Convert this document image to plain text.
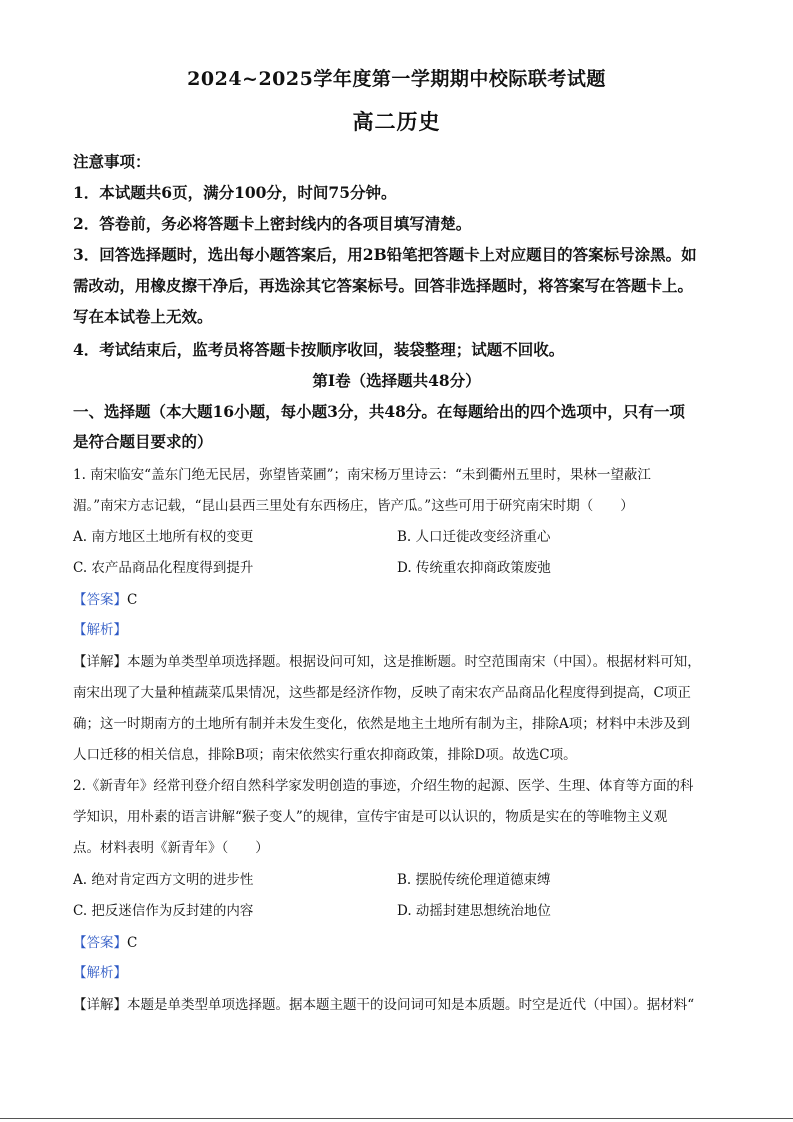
2024~2025学年度第一学期期中校际联考试题
高二历史
注意事项：
1．本试题共6页，满分100分，时间75分钟。
2．答卷前，务必将答题卡上密封线内的各项目填写清楚。
3．回答选择题时，选出每小题答案后，用2B铅笔把答题卡上对应题目的答案标号涂黑。如
需改动，用橡皮擦干净后，再选涂其它答案标号。回答非选择题时，将答案写在答题卡上。
写在本试卷上无效。
4．考试结束后，监考员将答题卡按顺序收回，装袋整理；试题不回收。
第Ⅰ卷（选择题共48分）
一、选择题（本大题16小题，每小题3分，共48分。在每题给出的四个选项中，只有一项
是符合题目要求的）
1. 南宋临安“盖东门绝无民居，弥望皆菜圃”；南宋杨万里诗云：“未到衢州五里时，果林一望蔽江
湄。”南宋方志记载，“昆山县西三里处有东西杨庄，皆产瓜。”这些可用于研究南宋时期（　　）
A. 南方地区土地所有权的变更	B. 人口迁徙改变经济重心
C. 农产品商品化程度得到提升	D. 传统重农抑商政策废弛
【答案】C
【解析】
【详解】本题为单类型单项选择题。根据设问可知，这是推断题。时空范围南宋（中国）。根据材料可知，
南宋出现了大量种植蔬菜瓜果情况，这些都是经济作物，反映了南宋农产品商品化程度得到提高，C项正
确；这一时期南方的土地所有制并未发生变化，依然是地主土地所有制为主，排除A项；材料中未涉及到
人口迁移的相关信息，排除B项；南宋依然实行重农抑商政策，排除D项。故选C项。
2.《新青年》经常刊登介绍自然科学家发明创造的事迹，介绍生物的起源、医学、生理、体育等方面的科
学知识，用朴素的语言讲解“猴子变人”的规律，宣传宇宙是可以认识的，物质是实在的等唯物主义观
点。材料表明《新青年》（　　）
A. 绝对肯定西方文明的进步性	B. 摆脱传统伦理道德束缚
C. 把反迷信作为反封建的内容	D. 动摇封建思想统治地位
【答案】C
【解析】
【详解】本题是单类型单项选择题。据本题主题干的设问词可知是本质题。时空是近代（中国）。据材料“
